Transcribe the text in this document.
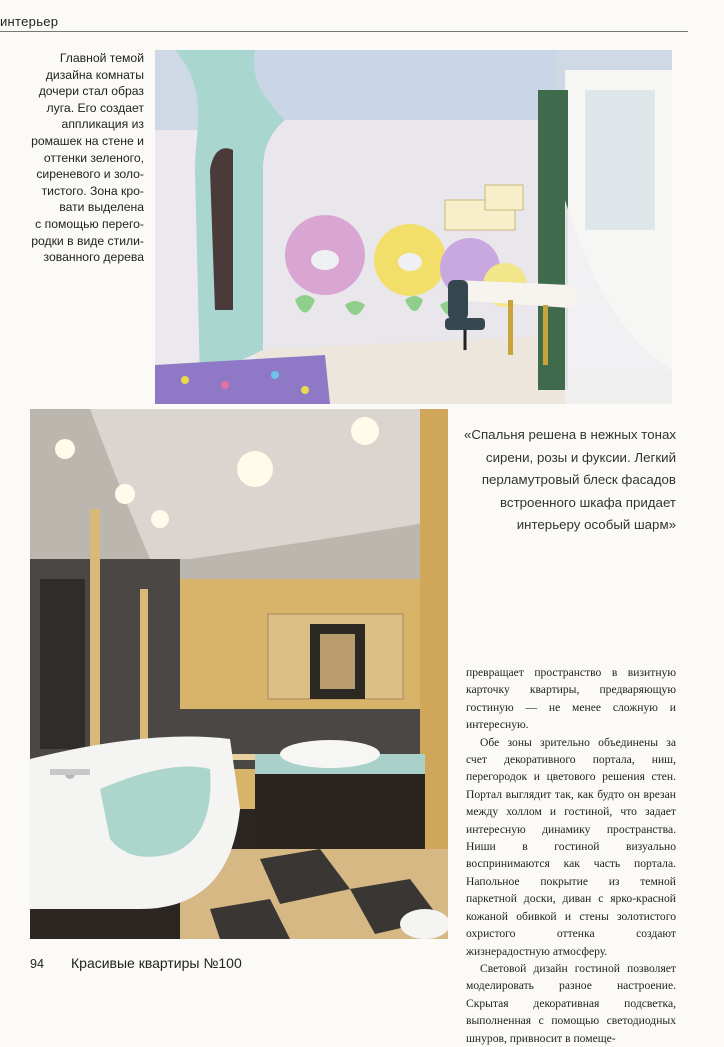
интерьер
Главной темой
дизайна комнаты
дочери стал образ
луга. Его создает
аппликация из
ромашек на стене и
оттенки зеленого,
сиреневого и золо-
тистого. Зона кро-
вати выделена
с помощью перего-
родки в виде стили-
зованного дерева
«Спальня решена в нежных тонах
сирени, розы и фуксии. Легкий
перламутровый блеск фасадов
встроенного шкафа придает
интерьеру особый шарм»

превращает пространство в визитную карточку квартиры, предваряющую гостиную — не менее сложную и интересную.

Обе зоны зрительно объединены за счет декоративного портала, ниш, перегородок и цветового решения стен. Портал выглядит так, как будто он врезан между холлом и гостиной, что задает интересную динамику пространства. Ниши в гостиной визуально воспринимаются как часть портала. Напольное покрытие из темной паркетной доски, диван с ярко-красной кожаной обивкой и стены золотистого охристого оттенка создают жизнерадостную атмосферу.

Световой дизайн гостиной позволяет моделировать разное настроение. Скрытая декоративная подсветка, выполненная с помощью светодиодных шнуров, привносит в помеще-

94 Красивые квартиры №100
